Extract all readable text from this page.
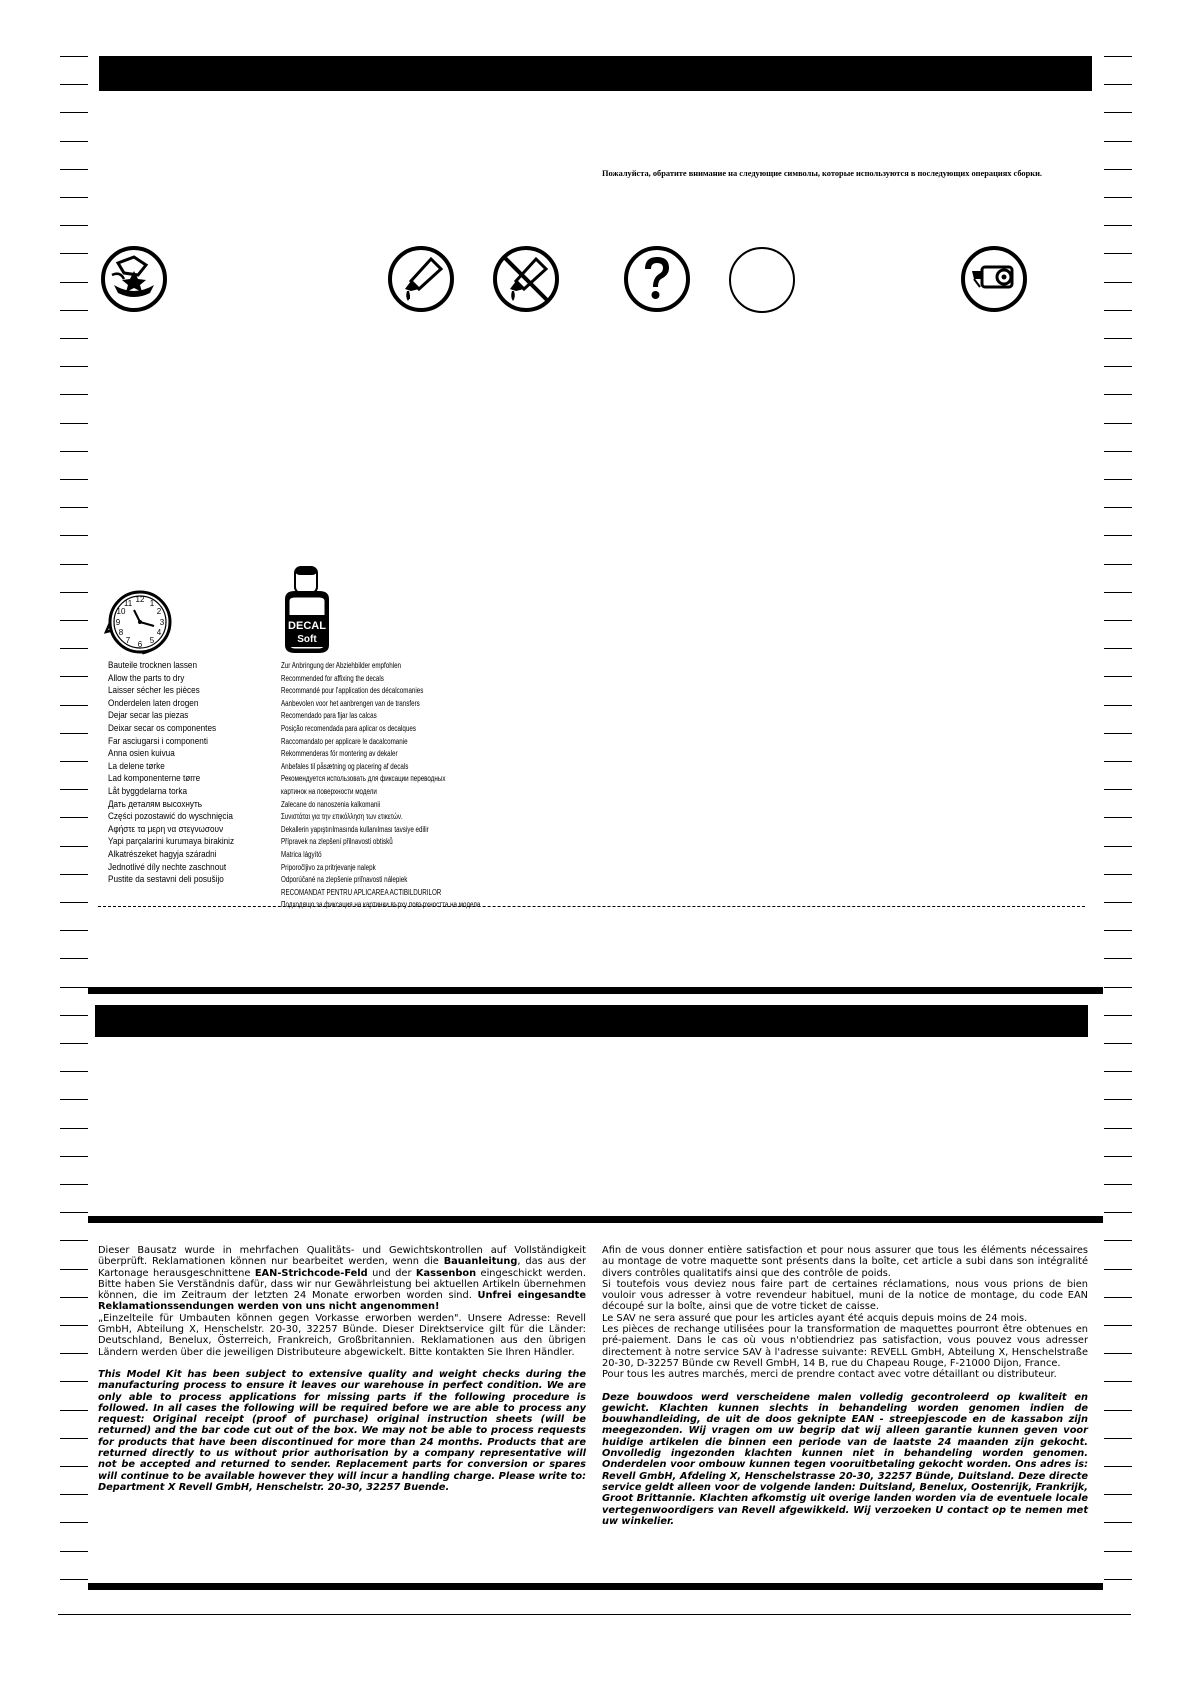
Пожалуйста, обратите внимание на следующие символы, которые используются в последующих операциях сборки.
12 1
2
3
4
5
6
7
8
9
10
11
DECAL
Soft
Bauteile trocknen lassen
Allow the parts to dry
Laisser sécher les pièces
Onderdelen laten drogen
Dejar secar las piezas
Deixar secar os componentes
Far asciugarsi i componenti
Anna osien kuivua
La delene tørke
Lad komponenterne tørre
Låt byggdelarna torka
Дать деталям высохнуть
Części pozostawić do wyschnięcia
Αφήστε τα μερη να στεγνωσουν
Yapi parçalarini kurumaya birakiniz
Alkatrészeket hagyja száradni
Jednotlivé díly nechte zaschnout
Pustite da sestavni deli posušijo
Zur Anbringung der Abziehbilder empfohlen
Recommended for affixing the decals
Recommandé pour l'application des décalcomanies
Aanbevolen voor het aanbrengen van de transfers
Recomendado para fijar las calcas
Posição recomendada para aplicar os decalques
Raccomandato per applicare le dacalcomanie
Rekommenderas för montering av dekaler
Anbefales til påsætning og placering af decals
Рекомендуется использовать для фиксации переводных
картинок на поверхности модели
Zalecane do nanoszenia kalkomanii
Συνιστάται για την επικόλληση των ετικετών.
Dekallerin yapıştırılmasında kullanılması tavsiye edilir
Přípravek na zlepšení přilnavosti obtisků
Matrica lágyító
Priporočljivo za pritrjevanje nalepk
Odporúčané na zlepšenie priľnavosti nálepiek
RECOMANDAT PENTRU APLICAREA ACTIBILDURILOR
Подходящо за фиксация на картинки върху повърхността на модела

Dieser Bausatz wurde in mehrfachen Qualitäts- und Gewichtskontrollen auf Vollständigkeit überprüft. Reklamationen können nur bearbeitet werden, wenn die Bauanleitung, das aus der Kartonage herausgeschnittene EAN-Strichcode-Feld und der Kassenbon eingeschickt werden. Bitte haben Sie Verständnis dafür, dass wir nur Gewährleistung bei aktuellen Artikeln übernehmen können, die im Zeitraum der letzten 24 Monate erworben worden sind. Unfrei eingesandte Reklamationssendungen werden von uns nicht angenommen!

„Einzelteile für Umbauten können gegen Vorkasse erworben werden". Unsere Adresse: Revell GmbH, Abteilung X, Henschelstr. 20-30, 32257 Bünde. Dieser Direktservice gilt für die Länder: Deutschland, Benelux, Österreich, Frankreich, Großbritannien. Reklamationen aus den übrigen Ländern werden über die jeweiligen Distributeure abgewickelt. Bitte kontakten Sie Ihren Händler.

This Model Kit has been subject to extensive quality and weight checks during the manufacturing process to ensure it leaves our warehouse in perfect condition. We are only able to process applications for missing parts if the following procedure is followed. In all cases the following will be required before we are able to process any request: Original receipt (proof of purchase) original instruction sheets (will be returned) and the bar code cut out of the box. We may not be able to process requests for products that have been discontinued for more than 24 months. Products that are returned directly to us without prior authorisation by a company representative will not be accepted and returned to sender. Replacement parts for conversion or spares will continue to be available however they will incur a handling charge. Please write to: Department X Revell GmbH, Henschelstr. 20-30, 32257 Buende.

Afin de vous donner entière satisfaction et pour nous assurer que tous les éléments nécessaires au montage de votre maquette sont présents dans la boîte, cet article a subi dans son intégralité divers contrôles qualitatifs ainsi que des contrôle de poids.

Si toutefois vous deviez nous faire part de certaines réclamations, nous vous prions de bien vouloir vous adresser à votre revendeur habituel, muni de la notice de montage, du code EAN découpé sur la boîte, ainsi que de votre ticket de caisse.

Le SAV ne sera assuré que pour les articles ayant été acquis depuis moins de 24 mois.

Les pièces de rechange utilisées pour la transformation de maquettes pourront être obtenues en pré-paiement. Dans le cas où vous n'obtiendriez pas satisfaction, vous pouvez vous adresser directement à notre service SAV à l'adresse suivante: REVELL GmbH, Abteilung X, Henschelstraße 20-30, D-32257 Bünde cw Revell GmbH, 14 B, rue du Chapeau Rouge, F-21000 Dijon, France.

Pour tous les autres marchés, merci de prendre contact avec votre détaillant ou distributeur.

Deze bouwdoos werd verscheidene malen volledig gecontroleerd op kwaliteit en gewicht. Klachten kunnen slechts in behandeling worden genomen indien de bouwhandleiding, de uit de doos geknipte EAN - streepjescode en de kassabon zijn meegezonden. Wij vragen om uw begrip dat wij alleen garantie kunnen geven voor huidige artikelen die binnen een periode van de laatste 24 maanden zijn gekocht. Onvolledig ingezonden klachten kunnen niet in behandeling worden genomen. Onderdelen voor ombouw kunnen tegen vooruitbetaling gekocht worden. Ons adres is: Revell GmbH, Afdeling X, Henschelstrasse 20-30, 32257 Bünde, Duitsland. Deze directe service geldt alleen voor de volgende landen: Duitsland, Benelux, Oostenrijk, Frankrijk, Groot Brittannie. Klachten afkomstig uit overige landen worden via de eventuele locale vertegenwoordigers van Revell afgewikkeld. Wij verzoeken U contact op te nemen met uw winkelier.
